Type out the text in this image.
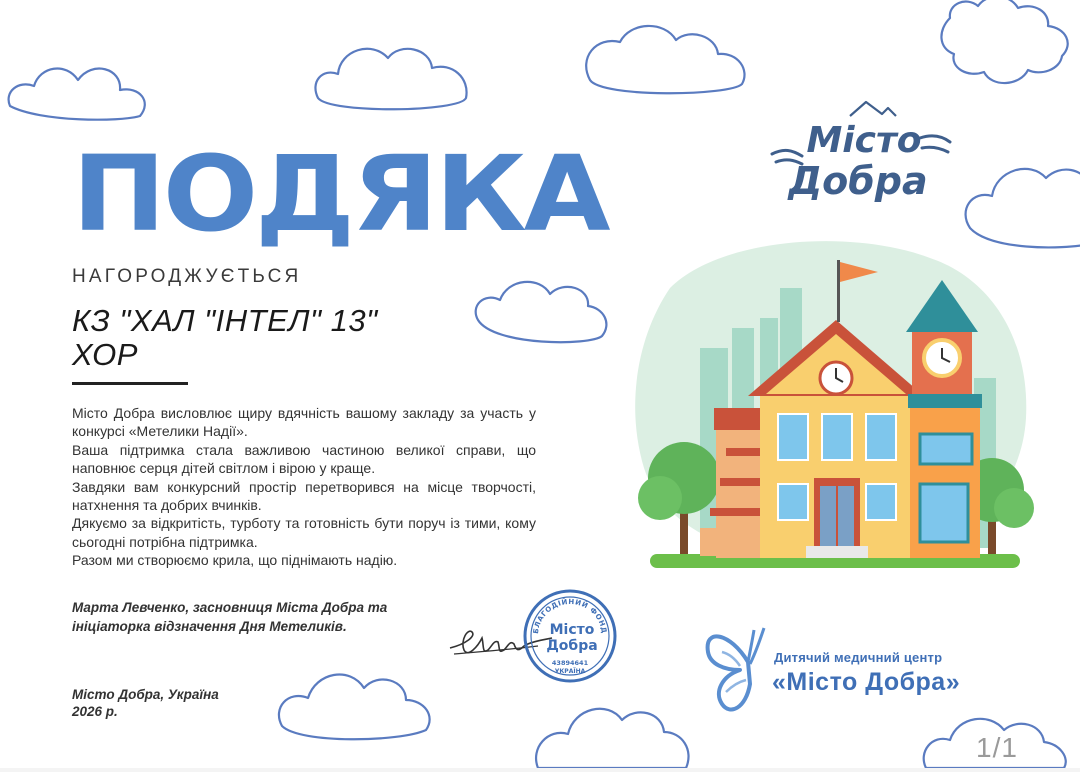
ПОДЯКА
НАГОРОДЖУЄТЬСЯ
КЗ "ХАЛ "ІНТЕЛ" 13"
ХОР

Місто Добра висловлює щиру вдячність вашому закладу за участь у конкурсі «Метелики Надії».

Ваша підтримка стала важливою частиною великої справи, що наповнює серця дітей світлом і вірою у краще.

Завдяки вам конкурсний простір перетворився на місце творчості, натхнення та добрих вчинків.

Дякуємо за відкритість, турботу та готовність бути поруч із тими, кому сьогодні потрібна підтримка.

Разом ми створюємо крила, що піднімають надію.

Марта Левченко, засновниця Міста Добра та
ініціаторка відзначення Дня Метеликів.
Місто Добра, Україна
2026 р.
БЛАГОДІЙНИЙ ФОНД
Місто
Добра
43894641
УКРАЇНА
Місто
Добра
Дитячий медичний центр
«Місто Добра»
1/1
